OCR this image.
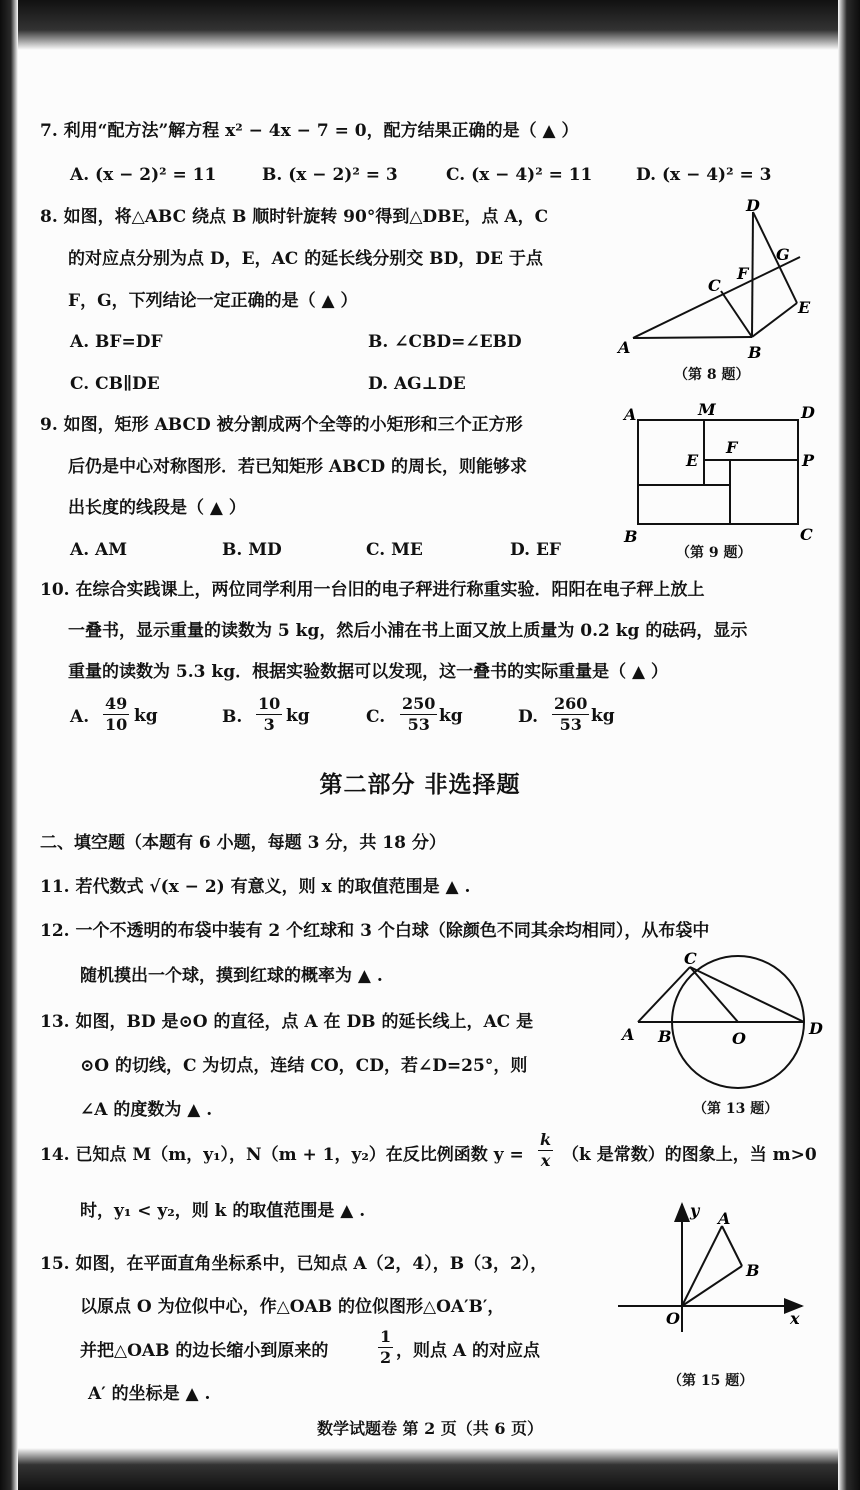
7. 利用“配方法”解方程 x² − 4x − 7 = 0，配方结果正确的是（ ▲ ）
A. (x − 2)² = 11	B. (x − 2)² = 3	C. (x − 4)² = 11	D. (x − 4)² = 3
8. 如图，将△ABC 绕点 B 顺时针旋转 90°得到△DBE，点 A，C
的对应点分别为点 D，E，AC 的延长线分别交 BD，DE 于点
F，G，下列结论一定正确的是（ ▲ ）
A. BF=DF	B. ∠CBD=∠EBD
C. CB∥DE	D. AG⊥DE
A	B
C
D
E
F
G
（第 8 题）
9. 如图，矩形 ABCD 被分割成两个全等的小矩形和三个正方形
后仍是中心对称图形．若已知矩形 ABCD 的周长，则能够求
出长度的线段是（ ▲ ）
A. AM	B. MD	C. ME	D. EF
A	M	D
E
F
P
B	C
（第 9 题）
10. 在综合实践课上，两位同学利用一台旧的电子秤进行称重实验．阳阳在电子秤上放上
一叠书，显示重量的读数为 5 kg，然后小浦在书上面又放上质量为 0.2 kg 的砝码，显示
重量的读数为 5.3 kg．根据实验数据可以发现，这一叠书的实际重量是（ ▲ ）
A. $\frac{49}{10}$ kg	B. $\frac{10}{3}$ kg	C. $\frac{250}{53}$ kg	D. $\frac{260}{53}$ kg
第二部分 非选择题
二、填空题（本题有 6 小题，每题 3 分，共 18 分）
11. 若代数式 √(x − 2) 有意义，则 x 的取值范围是 ▲ .
12. 一个不透明的布袋中装有 2 个红球和 3 个白球（除颜色不同其余均相同），从布袋中
随机摸出一个球，摸到红球的概率为 ▲ .
13. 如图，BD 是⊙O 的直径，点 A 在 DB 的延长线上，AC 是
⊙O 的切线，C 为切点，连结 CO，CD，若∠D=25°，则
∠A 的度数为 ▲ .
A B
C
O
D
（第 13 题）
14. 已知点 M（m，y₁），N（m + 1，y₂）在反比例函数 $y = \frac{k}{x} (k$ 是常数）的图象上，当 m>0
时，y₁ < y₂，则 k 的取值范围是 ▲ .
15. 如图，在平面直角坐标系中，已知点 A（2，4），B（3，2），
以原点 O 为位似中心，作△OAB 的位似图形△OA′B′，
并把△OAB 的边长缩小到原来的	$\frac{1}{2}$ ，则点 A 的对应点
A′ 的坐标是 ▲ .
y A
B
O	x
（第 15 题）
数学试题卷 第 2 页（共 6 页）
